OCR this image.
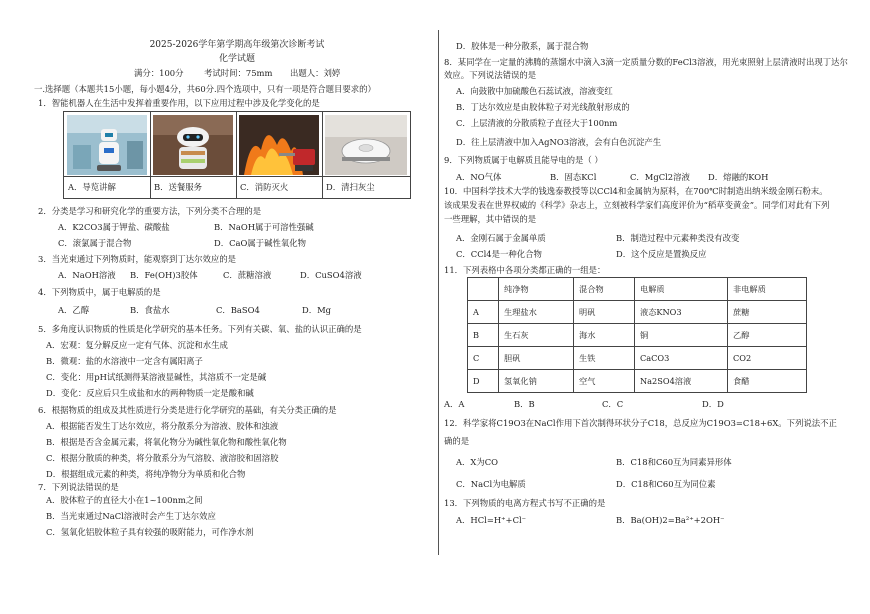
2025-2026学年第学期高年级第次诊断考试
化学试题
满分：100分 考试时间：75mm 出题人：刘婷
一.选择题（本题共15小题，每小题4分，共60分.四个选项中，只有一项是符合题目要求的）
1．智能机器人在生活中发挥着重要作用，以下应用过程中涉及化学变化的是
A．导览讲解	B．送餐服务	C．消防灭火	D．清扫灰尘
2．分类是学习和研究化学的重要方法，下列分类不合理的是
A．K2CO3属于钾盐、碳酸盐	B．NaOH属于可溶性强碱
C．滚氯属于混合物	D．CaO属于碱性氧化物
3．当光束通过下列物质时，能观察到丁达尔效应的是
A．NaOH溶液 B．Fe(OH)3胶体	C．蔗糖溶液	D．CuSO4溶液
4．下列物质中，属于电解质的是
A．乙醇	B．食盐水	C．BaSO4	D．Mg
5．多角度认识物质的性质是化学研究的基本任务。下列有关碳、氧、盐的认识正确的是
A．宏观：复分解反应一定有气体、沉淀和水生成
B．微观：盐的水溶液中一定含有属阳离子
C．变化：用pH试纸测得某溶液显碱性，其溶质不一定是碱
D．变化：反应后只生成盐和水的两种物质一定是酸和碱
6．根据物质的组成及其性质进行分类是进行化学研究的基础，有关分类正确的是
A．根据能否发生丁达尔效应，将分散系分为溶液、胶体和浊液
B．根据是否含金属元素，将氧化物分为碱性氧化物和酸性氧化物
C．根据分散质的种类，将分散系分为气溶胶、液溶胶和固溶胶
D．根据组成元素的种类，将纯净物分为单质和化合物
7．下列说法错误的是
A．胶体粒子的直径大小在1~100nm之间
B．当光束通过NaCl溶液时会产生丁达尔效应
C．氢氧化铝胶体粒子具有较强的吸附能力，可作净水剂
D．胶体是一种分散系，属于混合物
8．某同学在一定量的沸腾的蒸馏水中滴入3滴一定质量分数的FeCl3溶液，用光束照射上层清液时出现丁达尔
效应。下列说法错误的是
A．向鼓散中加硫酸色石蕊试液，溶液变红
B．丁达尔效应是由胶体粒子对光线散射形成的
C．上层清液的分散质粒子直径大于100nm
D．往上层清液中加入AgNO3溶液，会有白色沉淀产生
9．下列物质属于电解质且能导电的是（ ）
A．NO气体	B．固态KCl	C．MgCl2溶液 D．熔融的KOH
10．中国科学技术大学的钱逸泰教授等以CCl4和金属钠为原料，在700℃时制造出纳米级金刚石粉末。
该成果发表在世界权威的《科学》杂志上，立刻被科学家们高度评价为“稻草变黄金”。同学们对此有下列
一些理解，其中错误的是
A．金刚石属于金属单质	B．制造过程中元素种类没有改变
C．CCl4是一种化合物	D．这个反应是置换反应
11．下列表格中各项分类都正确的一组是：
	纯净物	混合物	电解质	非电解质
A	生理盐水	明矾	液态KNO3	蔗糖
B	生石灰	海水	铜	乙醇
C	胆矾	生铁	CaCO3	CO2
D	氢氧化钠	空气	Na2SO4溶液	食醋
A．A	B．B	C．C	D．D
12．科学家将C19O3在NaCl作用下首次制得环状分子C18，总反应为C19O3=C18+6X。下列说法不正
确的是
A．X为CO	B．C18和C60互为同素异形体
C．NaCl为电解质	D．C18和C60互为同位素
13．下列物质的电离方程式书写不正确的是
A．HCl=H⁺+Cl⁻	B．Ba(OH)2=Ba²⁺+2OH⁻
